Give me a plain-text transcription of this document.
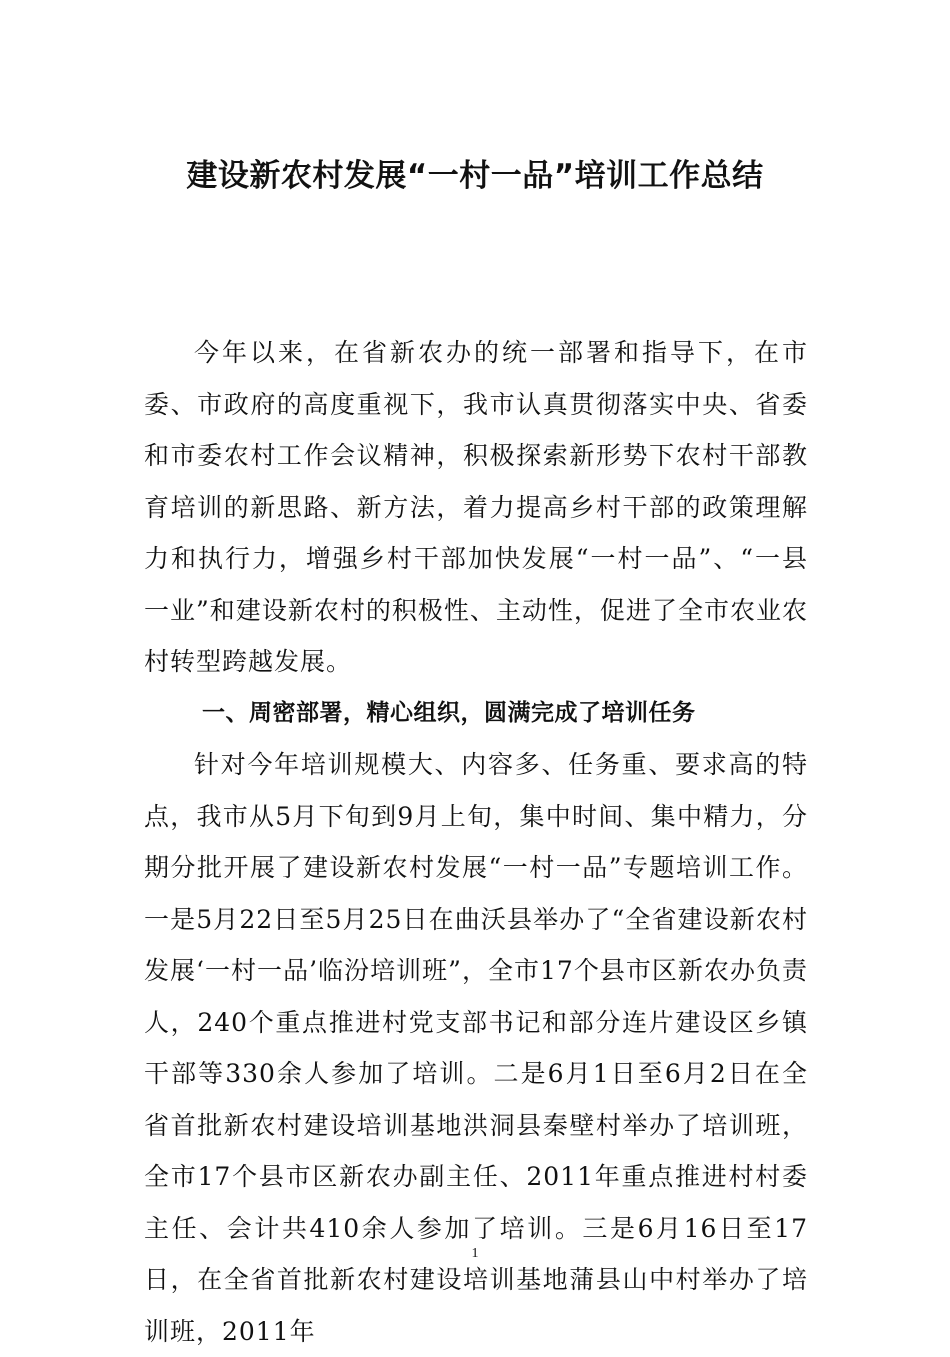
建设新农村发展“一村一品”培训工作总结

今年以来，在省新农办的统一部署和指导下，在市委、市政府的高度重视下，我市认真贯彻落实中央、省委和市委农村工作会议精神，积极探索新形势下农村干部教育培训的新思路、新方法，着力提高乡村干部的政策理解力和执行力，增强乡村干部加快发展“一村一品”、“一县一业”和建设新农村的积极性、主动性，促进了全市农业农村转型跨越发展。

一、周密部署，精心组织，圆满完成了培训任务

针对今年培训规模大、内容多、任务重、要求高的特点，我市从5月下旬到9月上旬，集中时间、集中精力，分期分批开展了建设新农村发展“一村一品”专题培训工作。一是5月22日至5月25日在曲沃县举办了“全省建设新农村发展‘一村一品’临汾培训班”，全市17个县市区新农办负责人，240个重点推进村党支部书记和部分连片建设区乡镇干部等330余人参加了培训。二是6月1日至6月2日在全省首批新农村建设培训基地洪洞县秦壁村举办了培训班，全市17个县市区新农办副主任、2011年重点推进村村委主任、会计共410余人参加了培训。三是6月16日至17日，在全省首批新农村建设培训基地蒲县山中村举办了培训班，2011年

1
